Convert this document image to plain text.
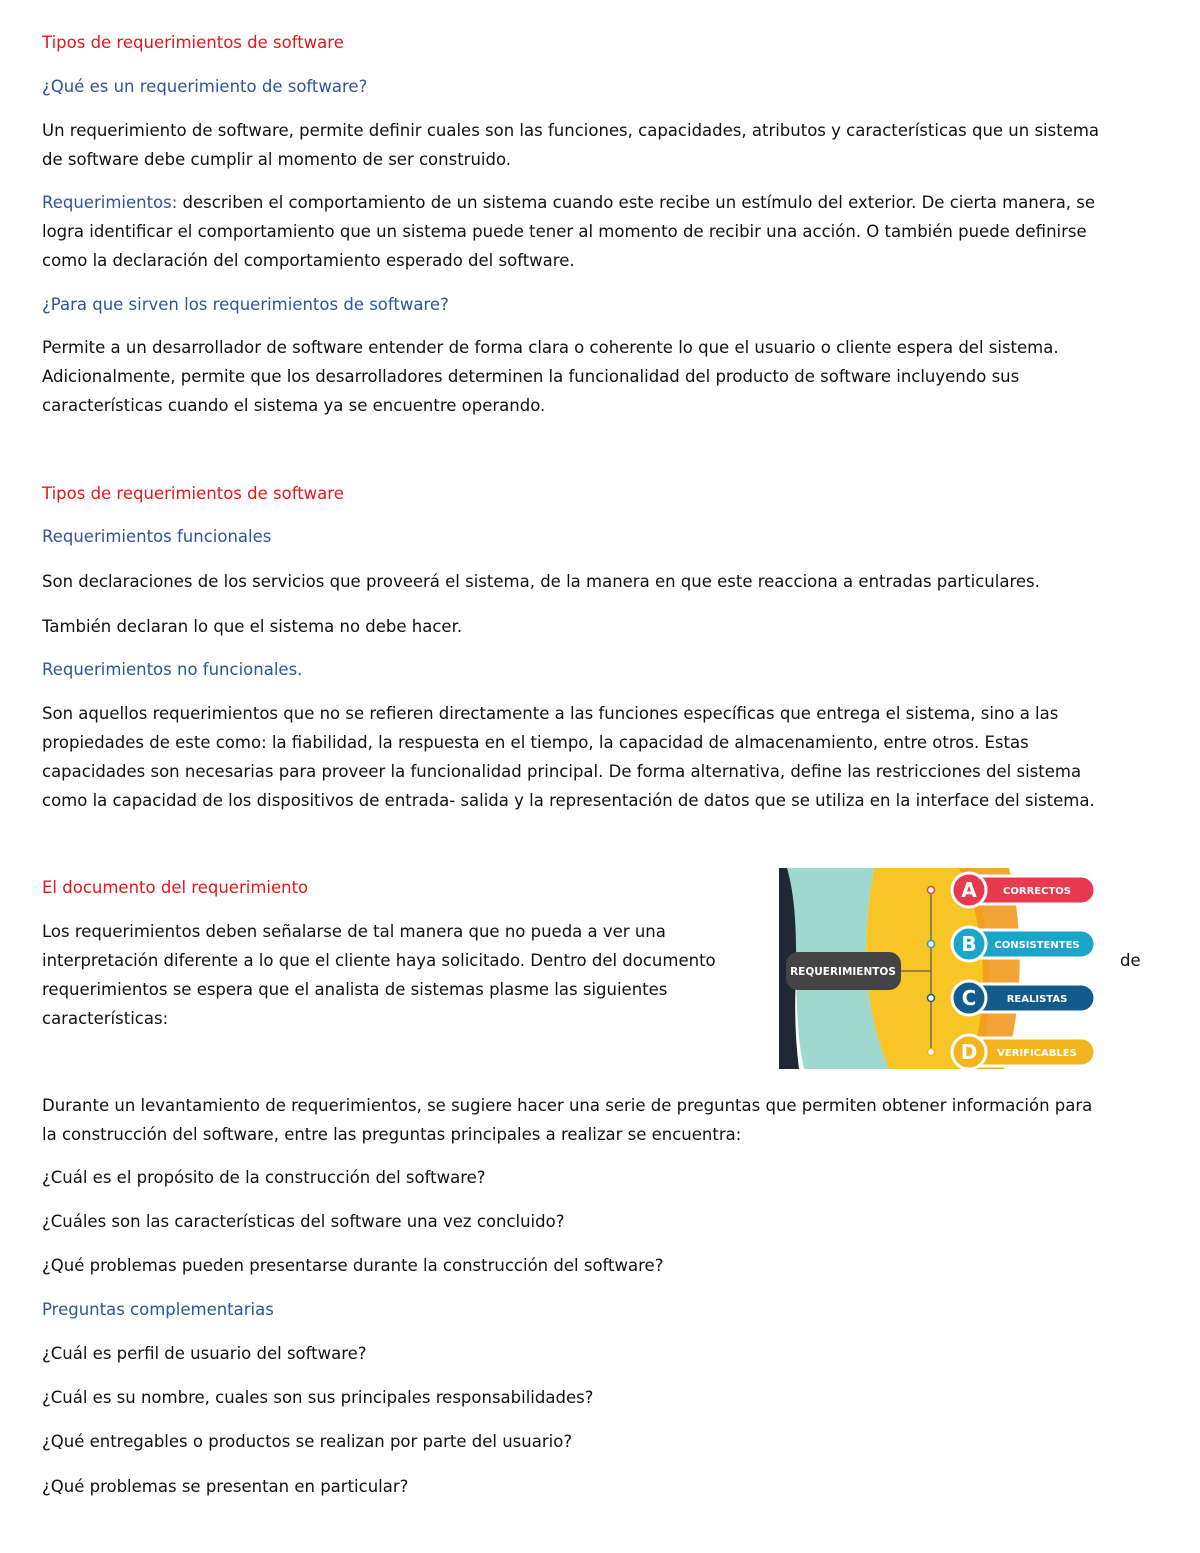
Tipos de requerimientos de software

¿Qué es un requerimiento de software?

Un requerimiento de software, permite definir cuales son las funciones, capacidades, atributos y características que un sistema

de software debe cumplir al momento de ser construido.

Requerimientos: describen el comportamiento de un sistema cuando este recibe un estímulo del exterior. De cierta manera, se

logra identificar el comportamiento que un sistema puede tener al momento de recibir una acción. O también puede definirse

como la declaración del comportamiento esperado del software.

¿Para que sirven los requerimientos de software?

Permite a un desarrollador de software entender de forma clara o coherente lo que el usuario o cliente espera del sistema.

Adicionalmente, permite que los desarrolladores determinen la funcionalidad del producto de software incluyendo sus

características cuando el sistema ya se encuentre operando.

Tipos de requerimientos de software

Requerimientos funcionales

Son declaraciones de los servicios que proveerá el sistema, de la manera en que este reacciona a entradas particulares.

También declaran lo que el sistema no debe hacer.

Requerimientos no funcionales.

Son aquellos requerimientos que no se refieren directamente a las funciones específicas que entrega el sistema, sino a las

propiedades de este como: la fiabilidad, la respuesta en el tiempo, la capacidad de almacenamiento, entre otros. Estas

capacidades son necesarias para proveer la funcionalidad principal. De forma alternativa, define las restricciones del sistema

como la capacidad de los dispositivos de entrada- salida y la representación de datos que se utiliza en la interface del sistema.

El documento del requerimiento

Los requerimientos deben señalarse de tal manera que no pueda a ver una

interpretación diferente a lo que el cliente haya solicitado. Dentro del documento	de

requerimientos se espera que el analista de sistemas plasme las siguientes

características:

A	CORRECTOS
B CONSISTENTES
C	REALISTAS
D VERIFICABLES
REQUERIMIENTOS

Durante un levantamiento de requerimientos, se sugiere hacer una serie de preguntas que permiten obtener información para

la construcción del software, entre las preguntas principales a realizar se encuentra:

¿Cuál es el propósito de la construcción del software?

¿Cuáles son las características del software una vez concluido?

¿Qué problemas pueden presentarse durante la construcción del software?

Preguntas complementarias

¿Cuál es perfil de usuario del software?

¿Cuál es su nombre, cuales son sus principales responsabilidades?

¿Qué entregables o productos se realizan por parte del usuario?

¿Qué problemas se presentan en particular?
